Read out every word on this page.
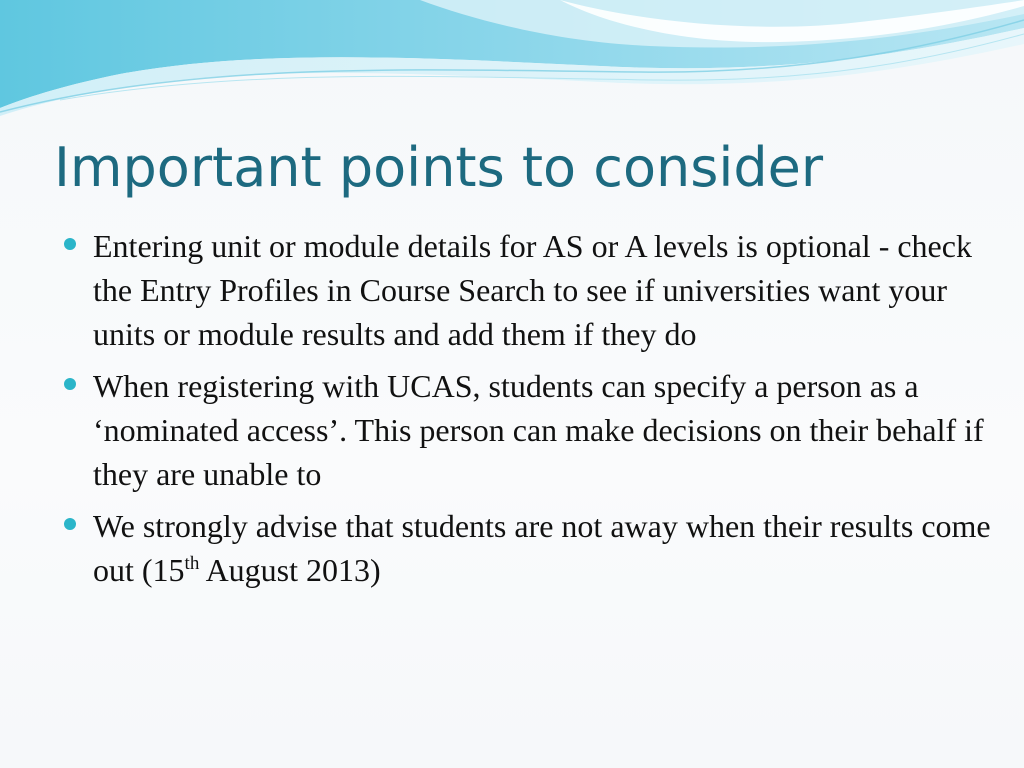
Important points to consider
Entering unit or module details for AS or A levels is optional - check the Entry Profiles in Course Search to see if universities want your units or module results and add them if they do
When registering with UCAS, students can specify a person as a ‘nominated access’. This person can make decisions on their behalf if they are unable to
We strongly advise that students are not away when their results come out (15th August 2013)
